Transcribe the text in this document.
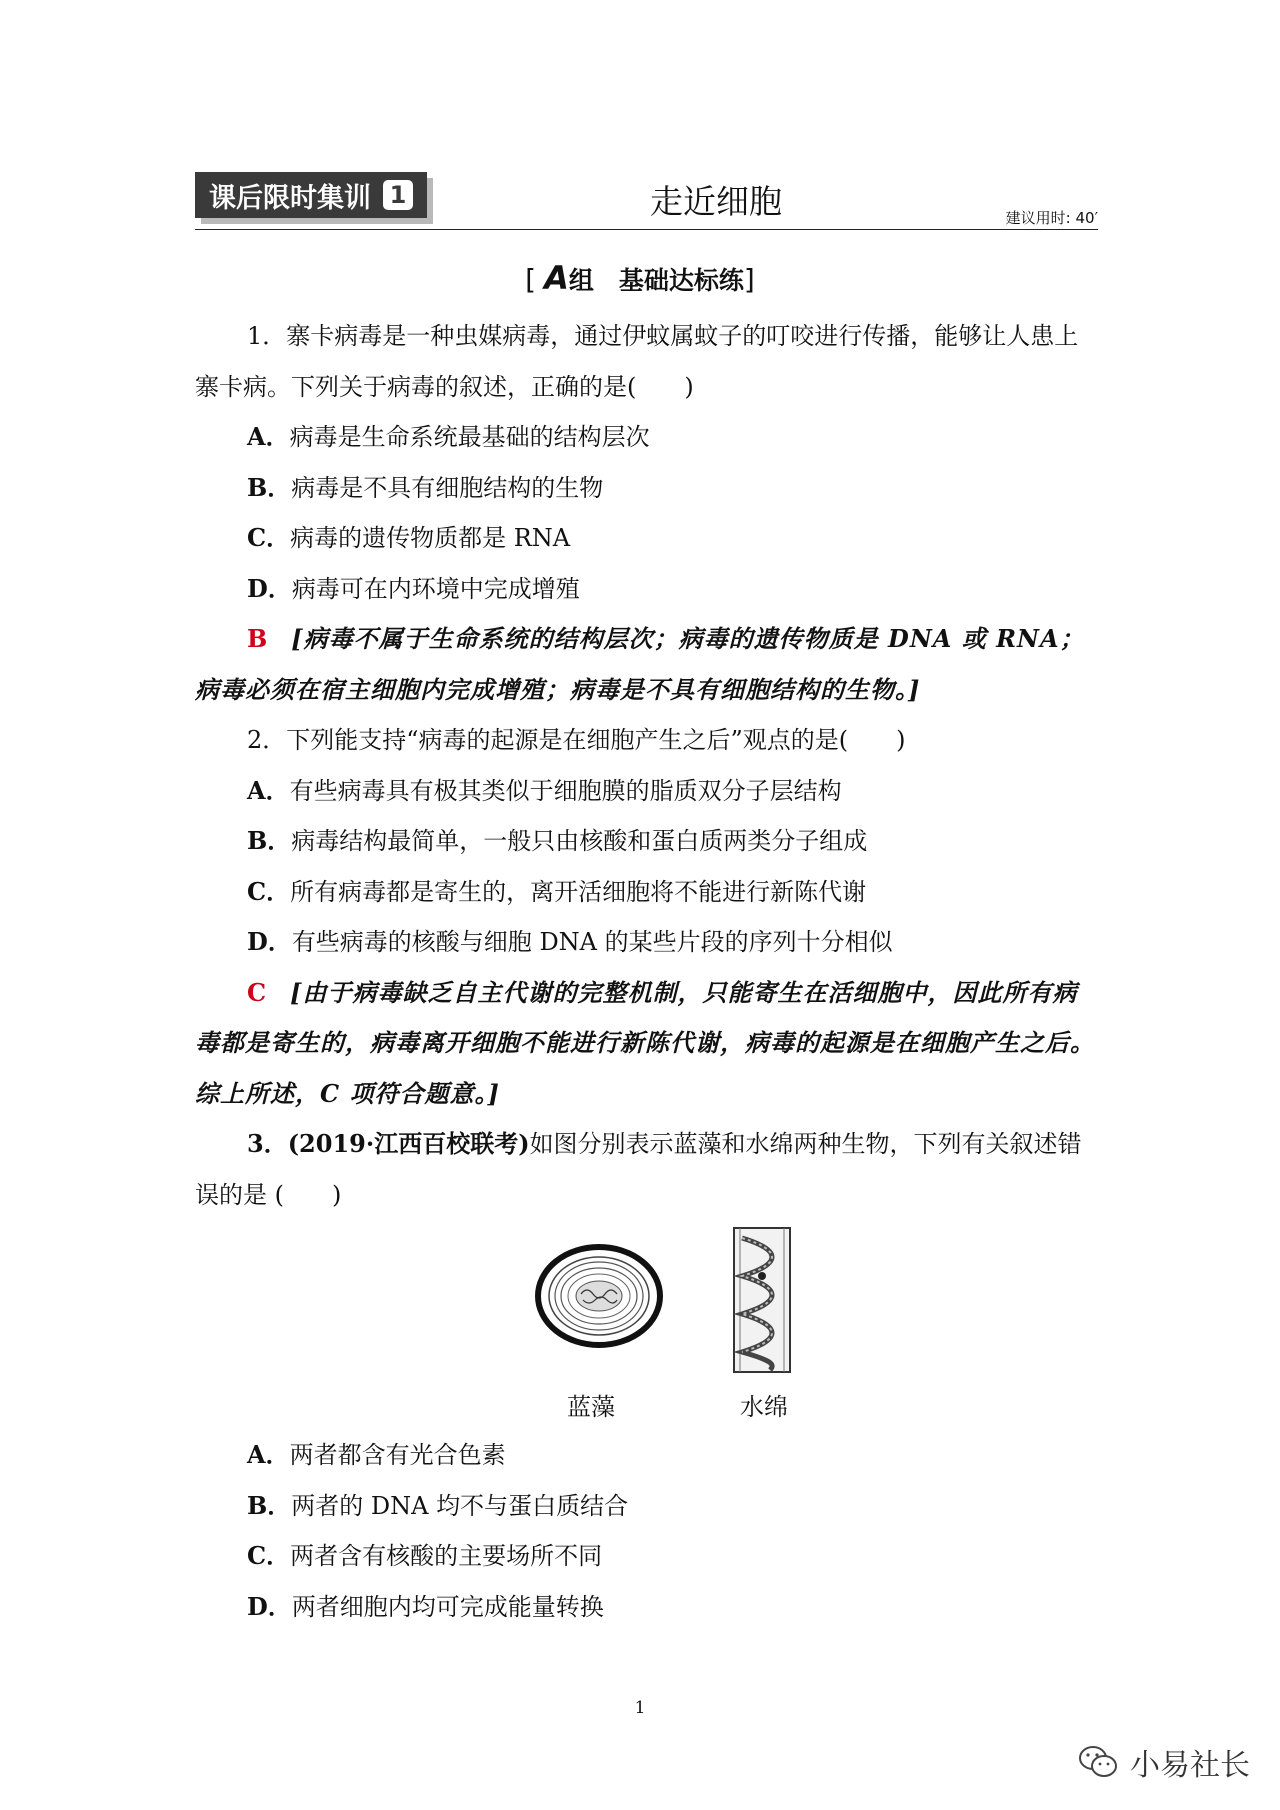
课后限时集训 1	走近细胞	建议用时: 40′
[ A组　基础达标练]

1．寨卡病毒是一种虫媒病毒，通过伊蚊属蚊子的叮咬进行传播，能够让人患上寨卡病。下列关于病毒的叙述，正确的是(　　)

A．病毒是生命系统最基础的结构层次

B．病毒是不具有细胞结构的生物

C．病毒的遗传物质都是 RNA

D．病毒可在内环境中完成增殖

B　 [病毒不属于生命系统的结构层次；病毒的遗传物质是 DNA 或 RNA；病毒必须在宿主细胞内完成增殖；病毒是不具有细胞结构的生物。]

2．下列能支持“病毒的起源是在细胞产生之后”观点的是(　　)

A．有些病毒具有极其类似于细胞膜的脂质双分子层结构

B．病毒结构最简单，一般只由核酸和蛋白质两类分子组成

C．所有病毒都是寄生的，离开活细胞将不能进行新陈代谢

D．有些病毒的核酸与细胞 DNA 的某些片段的序列十分相似

C　 [由于病毒缺乏自主代谢的完整机制，只能寄生在活细胞中，因此所有病毒都是寄生的，病毒离开细胞不能进行新陈代谢，病毒的起源是在细胞产生之后。综上所述，C 项符合题意。]

3．(2019·江西百校联考)如图分别表示蓝藻和水绵两种生物，下列有关叙述错误的是 (　　)

蓝藻	水绵

A．两者都含有光合色素

B．两者的 DNA 均不与蛋白质结合

C．两者含有核酸的主要场所不同

D．两者细胞内均可完成能量转换

1
小易社长
